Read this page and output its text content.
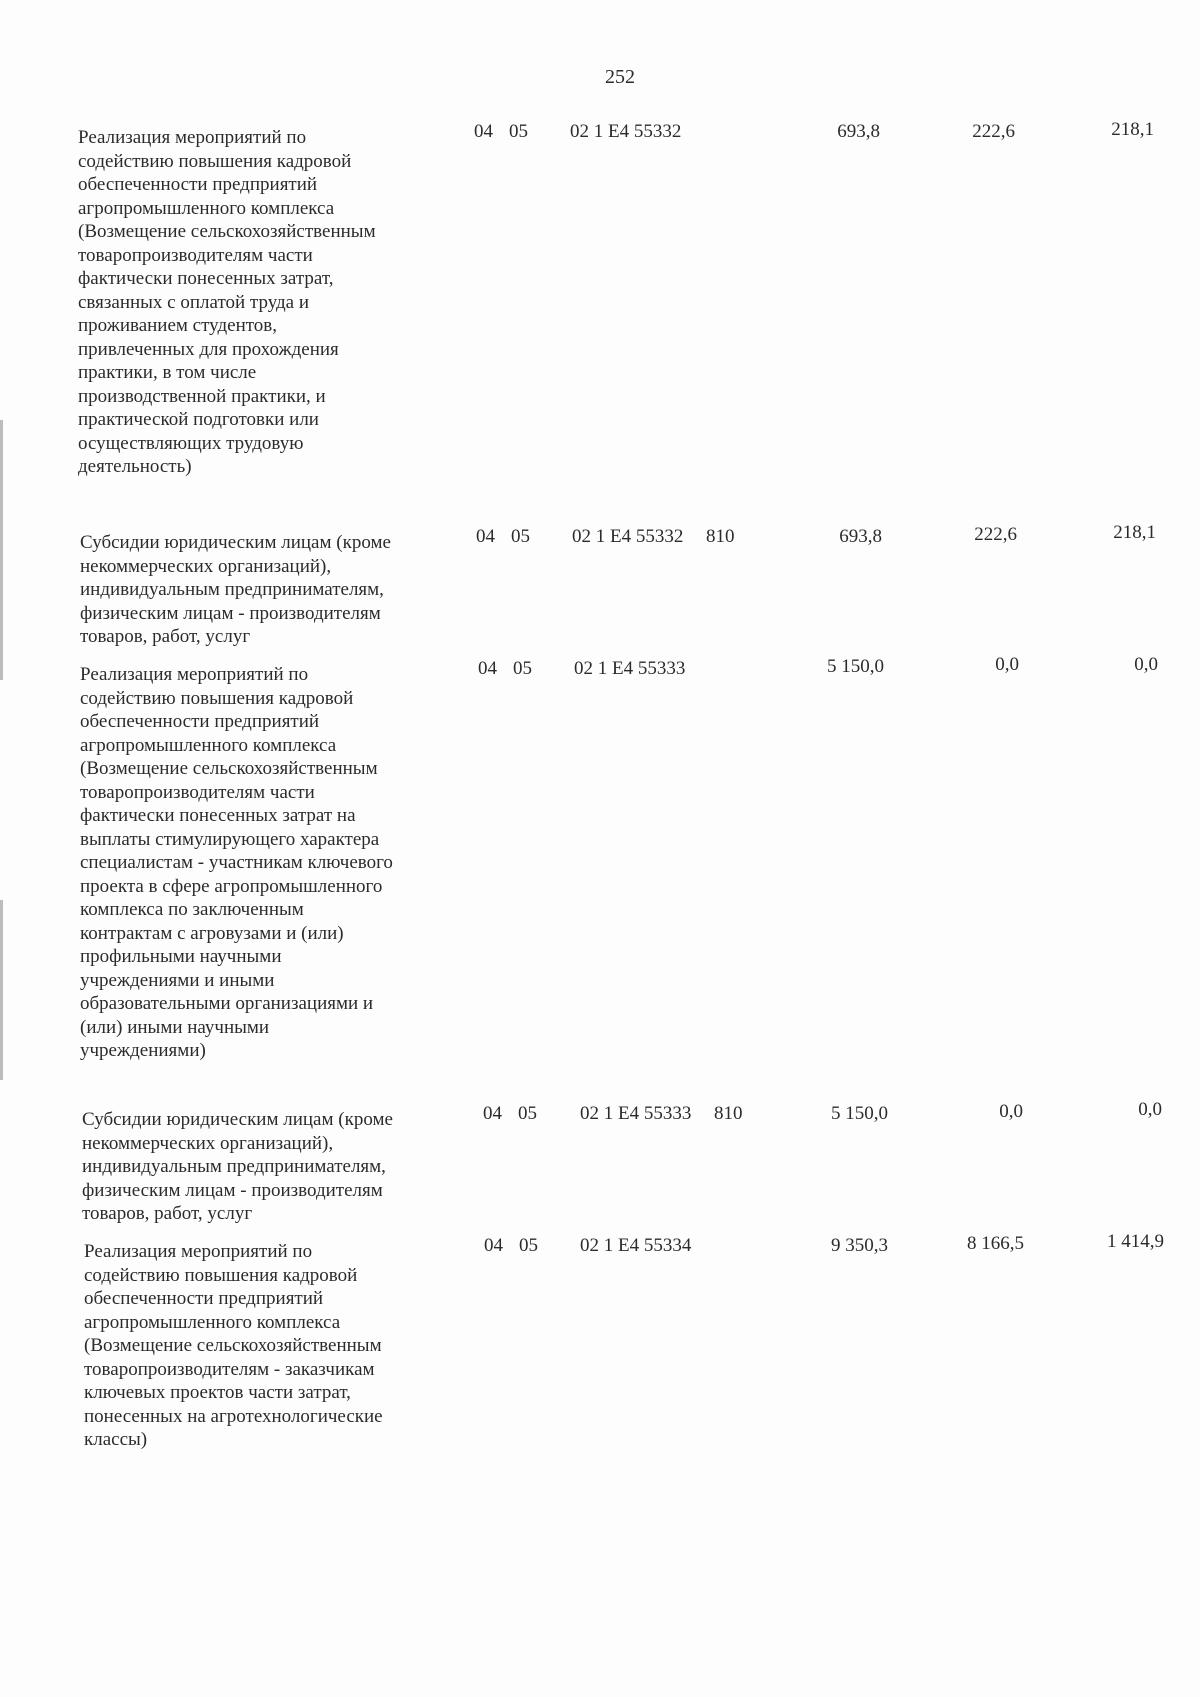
252
Реализация мероприятий по
содействию повышения кадровой
обеспеченности предприятий
агропромышленного комплекса
(Возмещение сельскохозяйственным
товаропроизводителям части
фактически понесенных затрат,
связанных с оплатой труда и
проживанием студентов,
привлеченных для прохождения
практики, в том числе
производственной практики, и
практической подготовки или
осуществляющих трудовую
деятельность)
04 05 02 1 Е4 55332	693,8	222,6	218,1
Субсидии юридическим лицам (кроме
некоммерческих организаций),
индивидуальным предпринимателям,
физическим лицам - производителям
товаров, работ, услуг
04 05 02 1 Е4 55332 810	693,8	222,6	218,1
Реализация мероприятий по
содействию повышения кадровой
обеспеченности предприятий
агропромышленного комплекса
(Возмещение сельскохозяйственным
товаропроизводителям части
фактически понесенных затрат на
выплаты стимулирующего характера
специалистам - участникам ключевого
проекта в сфере агропромышленного
комплекса по заключенным
контрактам с агровузами и (или)
профильными научными
учреждениями и иными
образовательными организациями и
(или) иными научными
учреждениями)
04 05 02 1 Е4 55333	5 150,0	0,0	0,0
Субсидии юридическим лицам (кроме
некоммерческих организаций),
индивидуальным предпринимателям,
физическим лицам - производителям
товаров, работ, услуг
04 05 02 1 Е4 55333 810	5 150,0	0,0	0,0
Реализация мероприятий по
содействию повышения кадровой
обеспеченности предприятий
агропромышленного комплекса
(Возмещение сельскохозяйственным
товаропроизводителям - заказчикам
ключевых проектов части затрат,
понесенных на агротехнологические
классы)
04 05 02 1 Е4 55334	9 350,3	8 166,5	1 414,9
